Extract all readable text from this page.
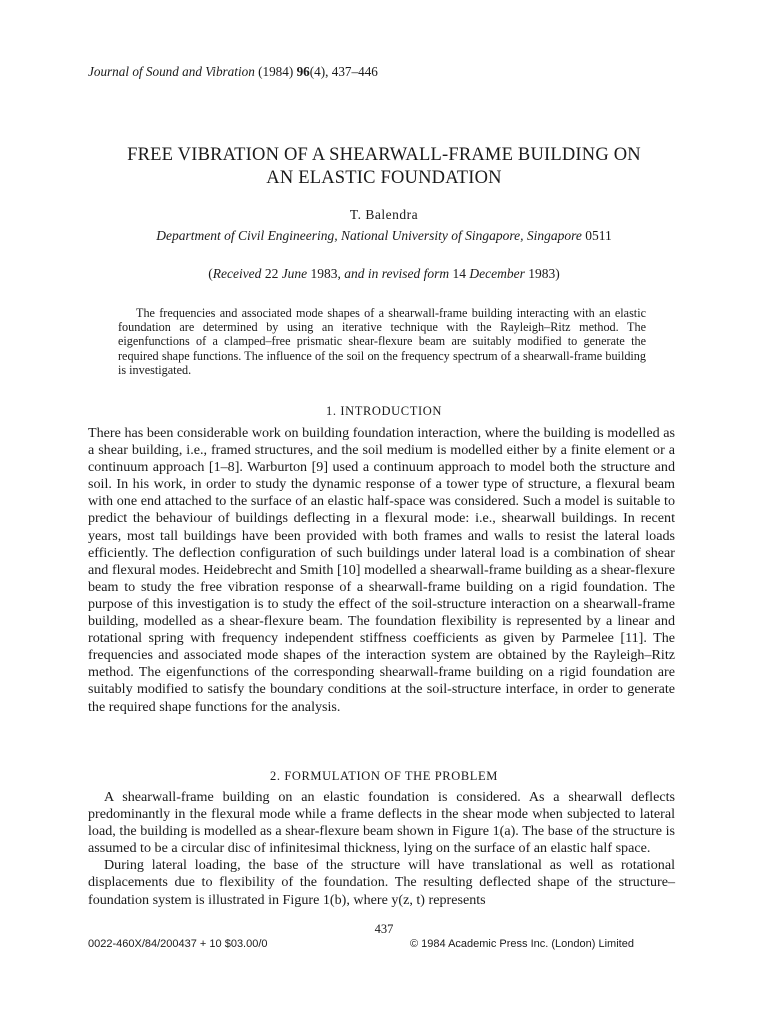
Journal of Sound and Vibration (1984) 96(4), 437–446
FREE VIBRATION OF A SHEARWALL-FRAME BUILDING ON
AN ELASTIC FOUNDATION
T. Balendra
Department of Civil Engineering, National University of Singapore, Singapore 0511
(Received 22 June 1983, and in revised form 14 December 1983)
The frequencies and associated mode shapes of a shearwall-frame building interacting with an elastic foundation are determined by using an iterative technique with the Rayleigh–Ritz method. The eigenfunctions of a clamped–free prismatic shear-flexure beam are suitably modified to generate the required shape functions. The influence of the soil on the frequency spectrum of a shearwall-frame building is investigated.
1. INTRODUCTION

There has been considerable work on building foundation interaction, where the building is modelled as a shear building, i.e., framed structures, and the soil medium is modelled either by a finite element or a continuum approach [1–8]. Warburton [9] used a continuum approach to model both the structure and soil. In his work, in order to study the dynamic response of a tower type of structure, a flexural beam with one end attached to the surface of an elastic half-space was considered. Such a model is suitable to predict the behaviour of buildings deflecting in a flexural mode: i.e., shearwall buildings. In recent years, most tall buildings have been provided with both frames and walls to resist the lateral loads efficiently. The deflection configuration of such buildings under lateral load is a combination of shear and flexural modes. Heidebrecht and Smith [10] modelled a shearwall-frame building as a shear-flexure beam to study the free vibration response of a shearwall-frame building on a rigid foundation. The purpose of this investigation is to study the effect of the soil-structure interaction on a shearwall-frame building, modelled as a shear-flexure beam. The foundation flexibility is represented by a linear and rotational spring with frequency independent stiffness coefficients as given by Parmelee [11]. The frequencies and associated mode shapes of the interaction system are obtained by the Rayleigh–Ritz method. The eigenfunctions of the corresponding shearwall-frame building on a rigid foundation are suitably modified to satisfy the boundary conditions at the soil-structure interface, in order to generate the required shape functions for the analysis.

2. FORMULATION OF THE PROBLEM

A shearwall-frame building on an elastic foundation is considered. As a shearwall deflects predominantly in the flexural mode while a frame deflects in the shear mode when subjected to lateral load, the building is modelled as a shear-flexure beam shown in Figure 1(a). The base of the structure is assumed to be a circular disc of infinitesimal thickness, lying on the surface of an elastic half space.

During lateral loading, the base of the structure will have translational as well as rotational displacements due to flexibility of the foundation. The resulting deflected shape of the structure–foundation system is illustrated in Figure 1(b), where y(z, t) represents

437
0022-460X/84/200437 + 10 $03.00/0	© 1984 Academic Press Inc. (London) Limited
